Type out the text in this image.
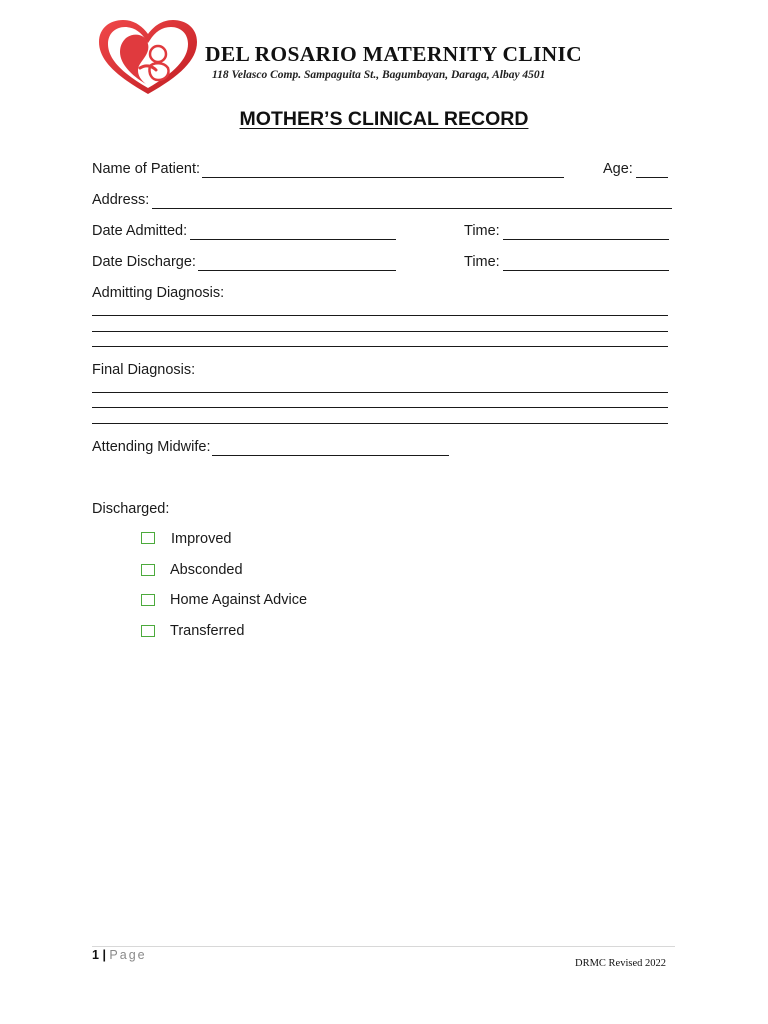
DEL ROSARIO MATERNITY CLINIC
118 Velasco Comp. Sampaguita St., Bagumbayan, Daraga, Albay 4501
MOTHER’S CLINICAL RECORD
Name of Patient:	Age:
Address:
Date Admitted:	Time:
Date Discharge:	Time:
Admitting Diagnosis:
Final Diagnosis:
Attending Midwife:
Discharged:
Improved
Absconded
Home Against Advice
Transferred
1 | Page
DRMC Revised 2022
